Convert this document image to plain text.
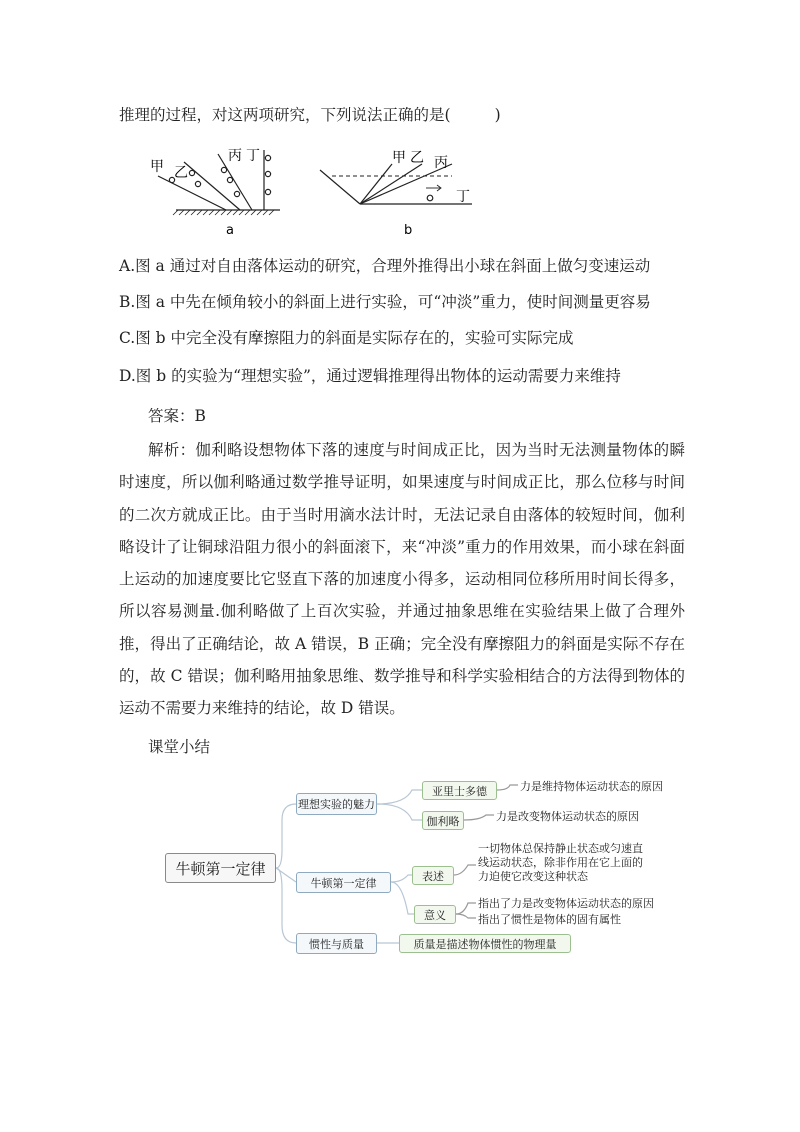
推理的过程，对这两项研究，下列说法正确的是(	)
甲 乙
丙 丁
a
甲 乙 丙
丁
b
A.图 a 通过对自由落体运动的研究，合理外推得出小球在斜面上做匀变速运动
B.图 a 中先在倾角较小的斜面上进行实验，可“冲淡”重力，使时间测量更容易
C.图 b 中完全没有摩擦阻力的斜面是实际存在的，实验可实际完成
D.图 b 的实验为“理想实验”，通过逻辑推理得出物体的运动需要力来维持
答案：B
解析：伽利略设想物体下落的速度与时间成正比，因为当时无法测量物体的瞬时速度，所以伽利略通过数学推导证明，如果速度与时间成正比，那么位移与时间的二次方就成正比。由于当时用滴水法计时，无法记录自由落体的较短时间，伽利略设计了让铜球沿阻力很小的斜面滚下，来“冲淡”重力的作用效果，而小球在斜面上运动的加速度要比它竖直下落的加速度小得多，运动相同位移所用时间长得多，所以容易测量.伽利略做了上百次实验，并通过抽象思维在实验结果上做了合理外推，得出了正确结论，故 A 错误，B 正确；完全没有摩擦阻力的斜面是实际不存在的，故 C 错误；伽利略用抽象思维、数学推导和科学实验相结合的方法得到物体的运动不需要力来维持的结论，故 D 错误。
课堂小结
牛顿第一定律
理想实验的魅力
亚里士多德	力是维持物体运动状态的原因
伽利略	力是改变物体运动状态的原因
牛顿第一定律
表述
一切物体总保持静止状态或匀速直线运动状态，除非作用在它上面的力迫使它改变这种状态
意义
指出了力是改变物体运动状态的原因
指出了惯性是物体的固有属性
惯性与质量	质量是描述物体惯性的物理量
